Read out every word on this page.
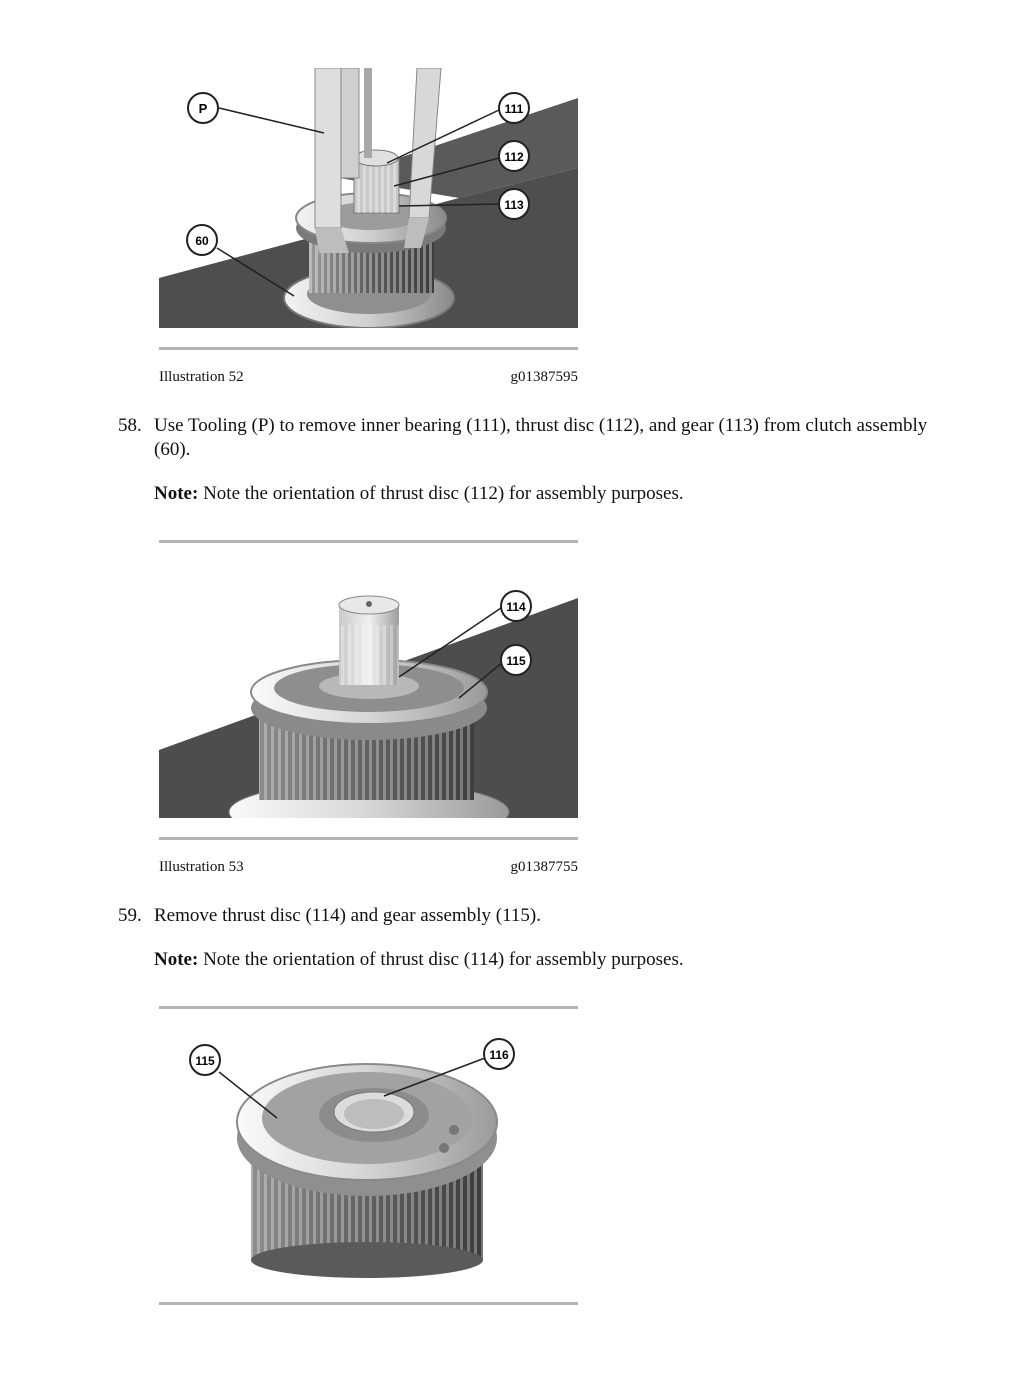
P	111
112
113
60
Illustration 52	g01387595
58. Use Tooling (P) to remove inner bearing (111), thrust disc (112), and gear (113) from clutch assembly (60).
Note: Note the orientation of thrust disc (112) for assembly purposes.
114
115
Illustration 53	g01387755
59. Remove thrust disc (114) and gear assembly (115).
Note: Note the orientation of thrust disc (114) for assembly purposes.
115	116
